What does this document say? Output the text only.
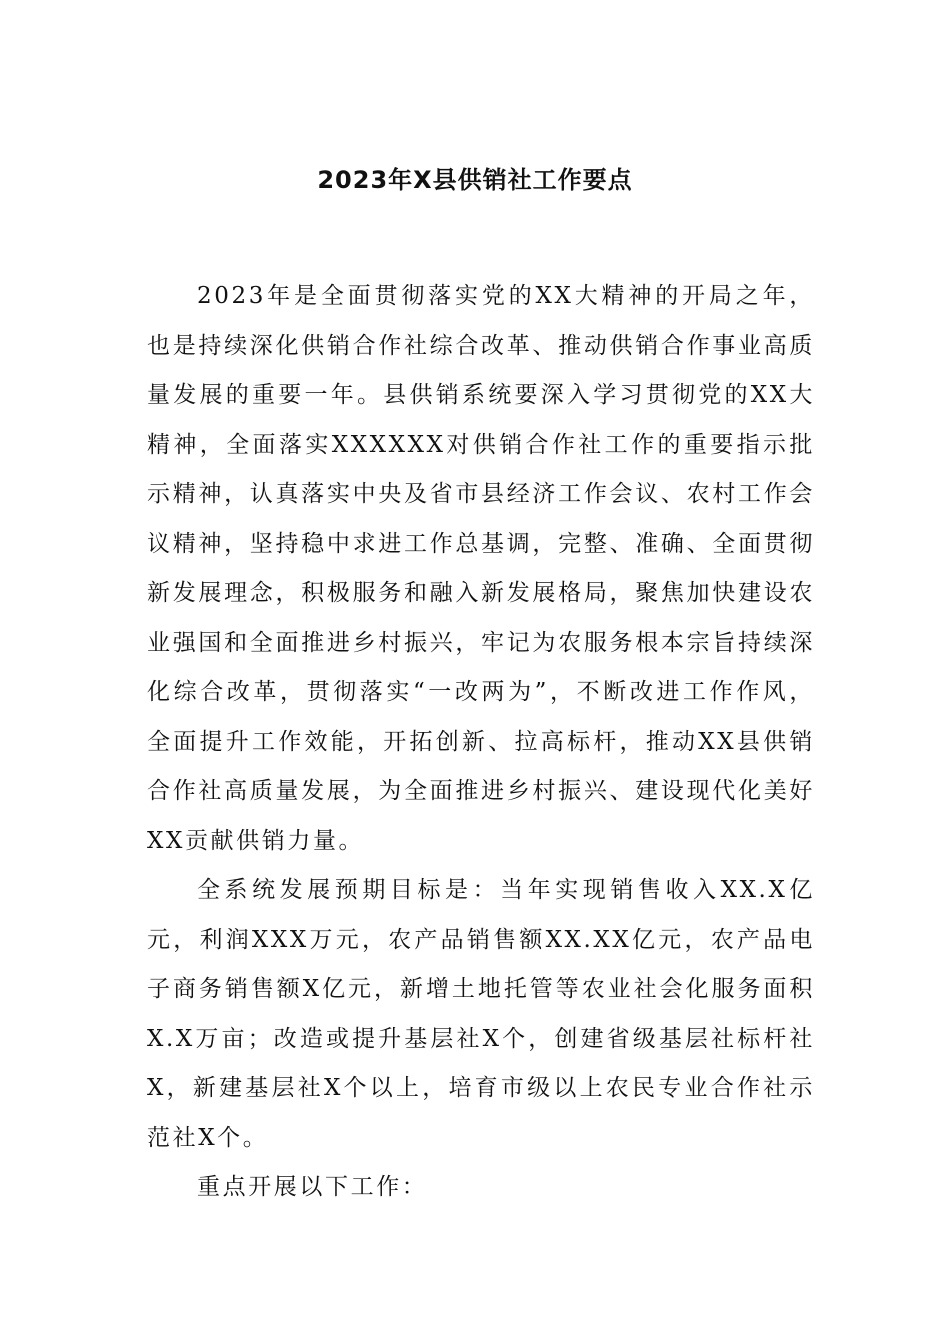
2023年X县供销社工作要点

2023年是全面贯彻落实党的XX大精神的开局之年，也是持续深化供销合作社综合改革、推动供销合作事业高质量发展的重要一年。县供销系统要深入学习贯彻党的XX大精神，全面落实XXXXXX对供销合作社工作的重要指示批示精神，认真落实中央及省市县经济工作会议、农村工作会议精神，坚持稳中求进工作总基调，完整、准确、全面贯彻新发展理念，积极服务和融入新发展格局，聚焦加快建设农业强国和全面推进乡村振兴，牢记为农服务根本宗旨持续深化综合改革，贯彻落实“一改两为”，不断改进工作作风，全面提升工作效能，开拓创新、拉高标杆，推动XX县供销合作社高质量发展，为全面推进乡村振兴、建设现代化美好XX贡献供销力量。

全系统发展预期目标是：当年实现销售收入XX.X亿元，利润XXX万元，农产品销售额XX.XX亿元，农产品电子商务销售额X亿元，新增土地托管等农业社会化服务面积X.X万亩；改造或提升基层社X个，创建省级基层社标杆社X，新建基层社X个以上，培育市级以上农民专业合作社示范社X个。

重点开展以下工作：
